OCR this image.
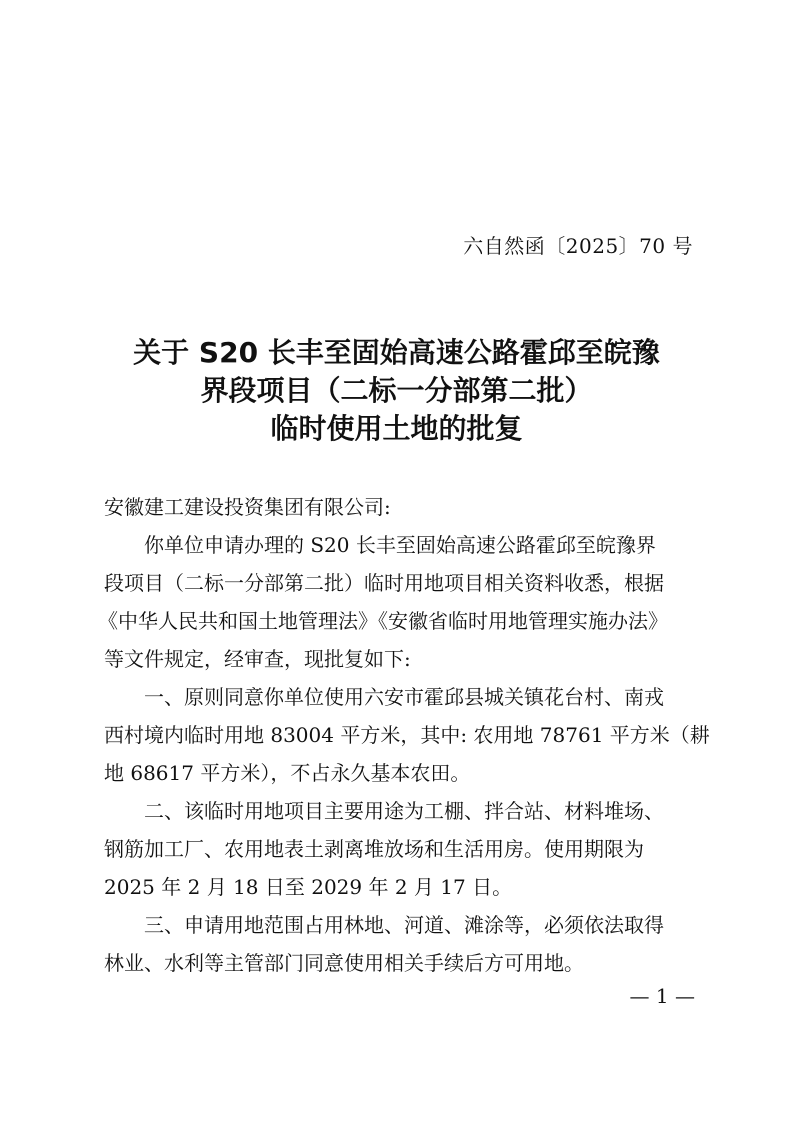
六自然函〔2025〕70 号
关于 S20 长丰至固始高速公路霍邱至皖豫
界段项目（二标一分部第二批）
临时使用土地的批复

安徽建工建设投资集团有限公司:

你单位申请办理的 S20 长丰至固始高速公路霍邱至皖豫界
段项目（二标一分部第二批）临时用地项目相关资料收悉，根据
《中华人民共和国土地管理法》《安徽省临时用地管理实施办法》
等文件规定，经审查，现批复如下:

一、原则同意你单位使用六安市霍邱县城关镇花台村、南戎
西村境内临时用地 83004 平方米，其中: 农用地 78761 平方米（耕
地 68617 平方米），不占永久基本农田。

二、该临时用地项目主要用途为工棚、拌合站、材料堆场、
钢筋加工厂、农用地表土剥离堆放场和生活用房。使用期限为
2025 年 2 月 18 日至 2029 年 2 月 17 日。

三、申请用地范围占用林地、河道、滩涂等，必须依法取得
林业、水利等主管部门同意使用相关手续后方可用地。

— 1 —
